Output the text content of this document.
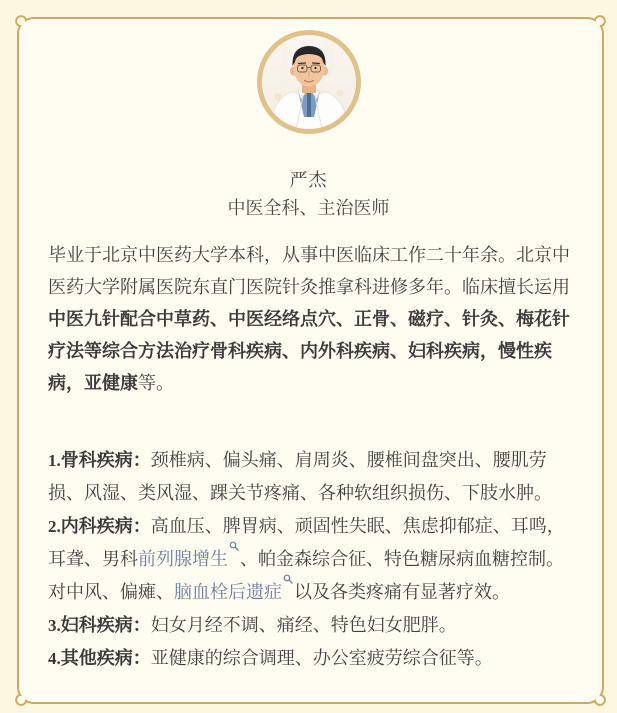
严杰
中医全科、主治医师

毕业于北京中医药大学本科，从事中医临床工作二十年余。北京中医药大学附属医院东直门医院针灸推拿科进修多年。临床擅长运用中医九针配合中草药、中医经络点穴、正骨、磁疗、针灸、梅花针疗法等综合方法治疗骨科疾病、内外科疾病、妇科疾病，慢性疾病，亚健康等。

1.骨科疾病：颈椎病、偏头痛、肩周炎、腰椎间盘突出、腰肌劳损、风湿、类风湿、踝关节疼痛、各种软组织损伤、下肢水肿。

2.内科疾病：高血压、脾胃病、顽固性失眠、焦虑抑郁症、耳鸣，耳聋、男科前列腺增生 、帕金森综合征、特色糖尿病血糖控制。对中风、偏瘫、脑血栓后遗症 以及各类疼痛有显著疗效。

3.妇科疾病：妇女月经不调、痛经、特色妇女肥胖。

4.其他疾病：亚健康的综合调理、办公室疲劳综合征等。
